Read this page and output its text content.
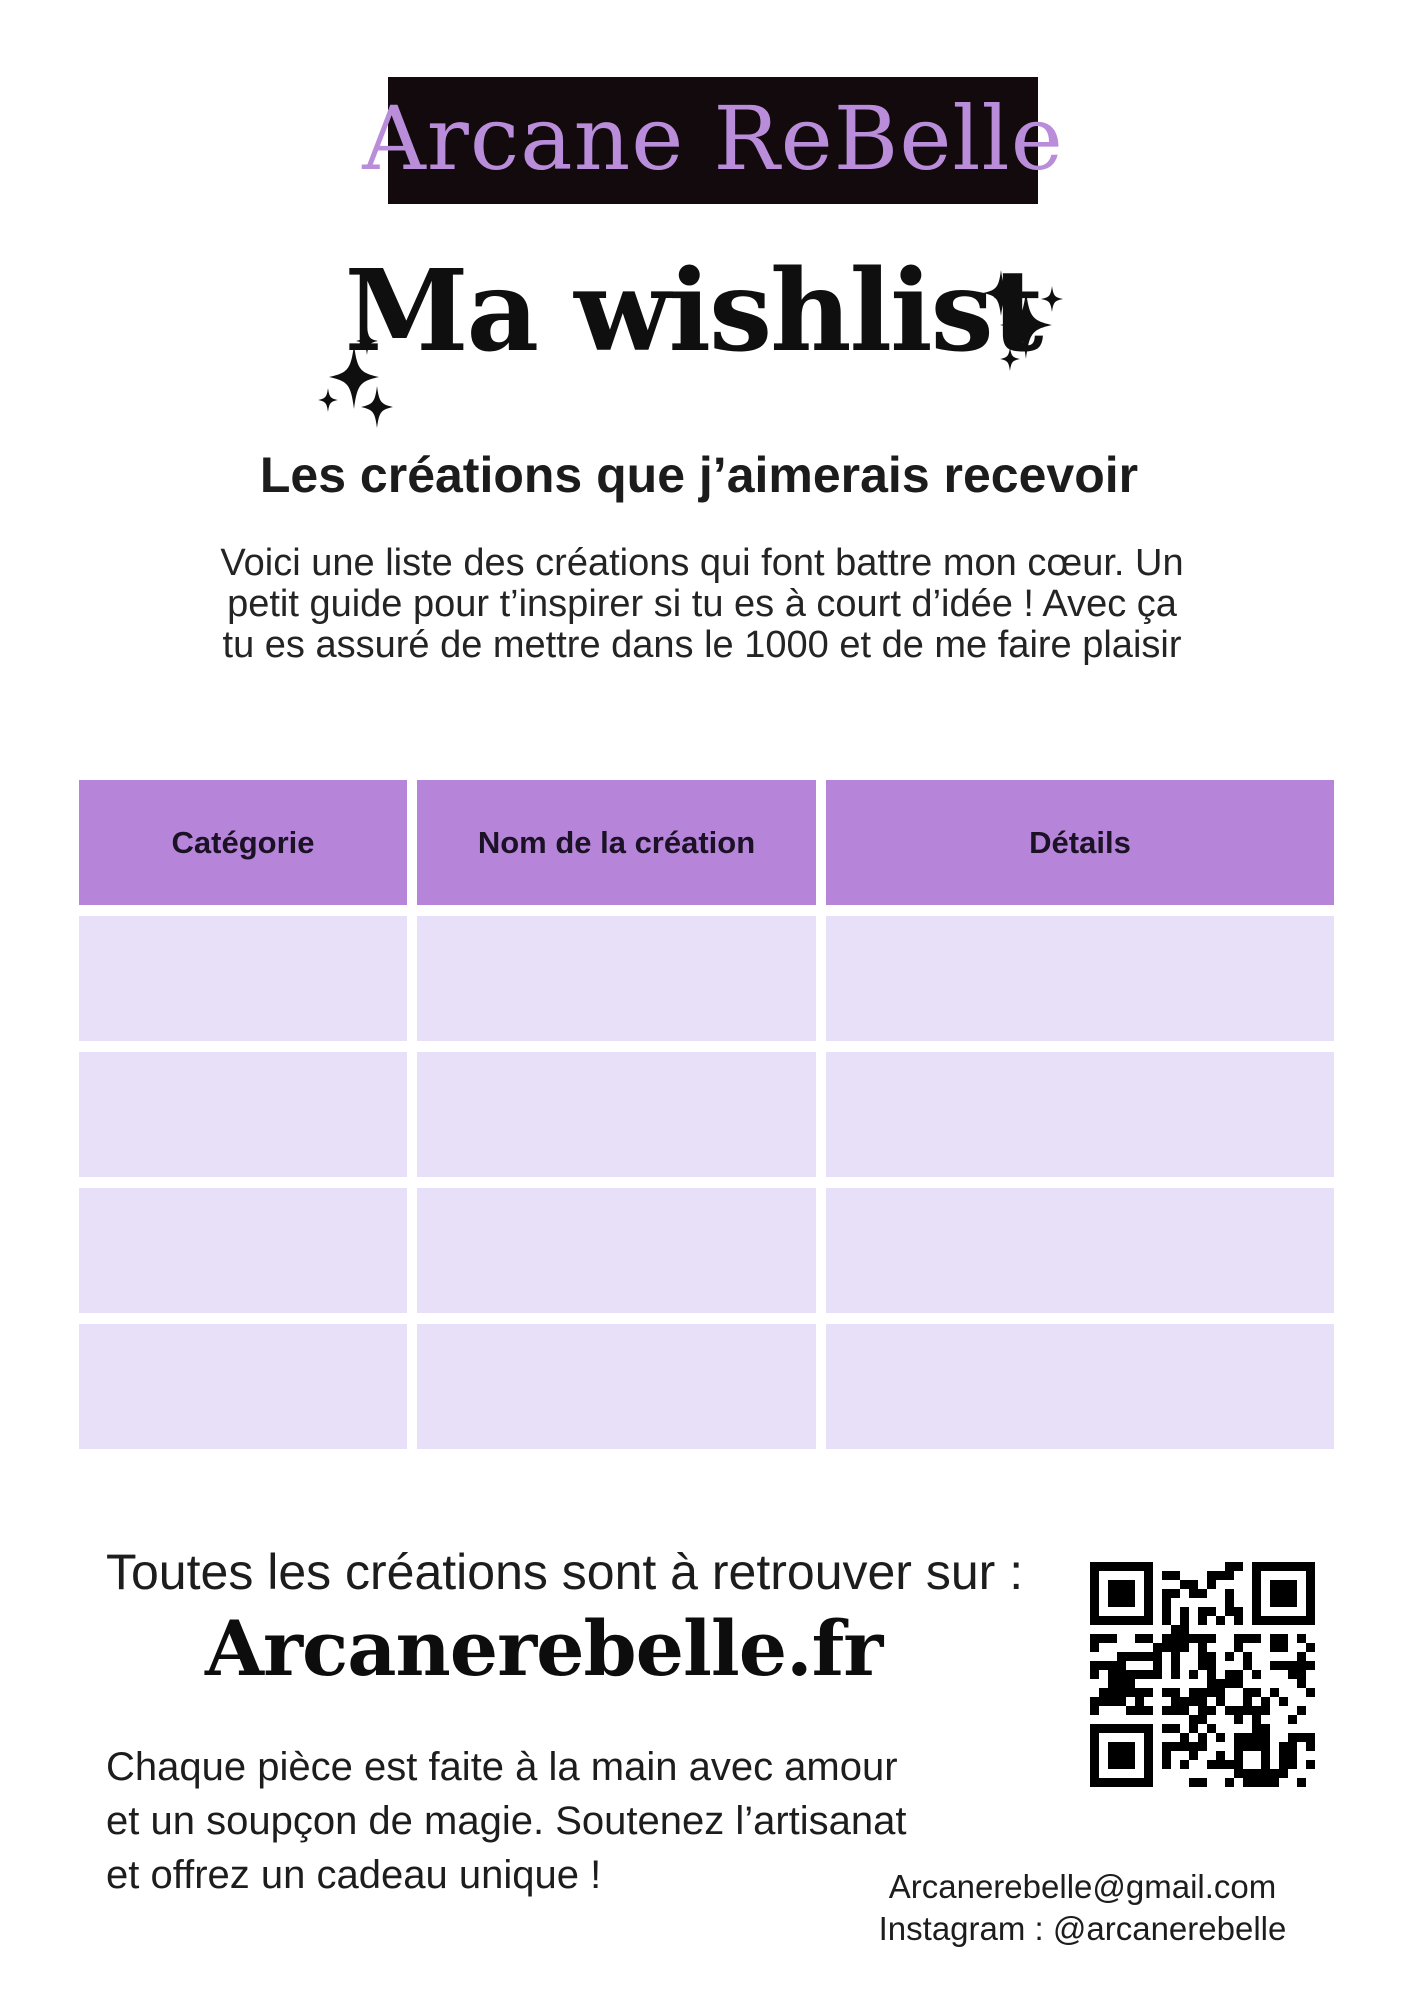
Arcane ReBelle
Ma wishlist
Les créations que j’aimerais recevoir
Voici une liste des créations qui font battre mon cœur. Un
petit guide pour t’inspirer si tu es à court d’idée ! Avec ça
tu es assuré de mettre dans le 1000 et de me faire plaisir
Catégorie	Nom de la création	Détails
Toutes les créations sont à retrouver sur :
Arcanerebelle.fr
Chaque pièce est faite à la main avec amour
et un soupçon de magie. Soutenez l’artisanat
et offrez un cadeau unique !	Arcanerebelle@gmail.com
Instagram : @arcanerebelle
